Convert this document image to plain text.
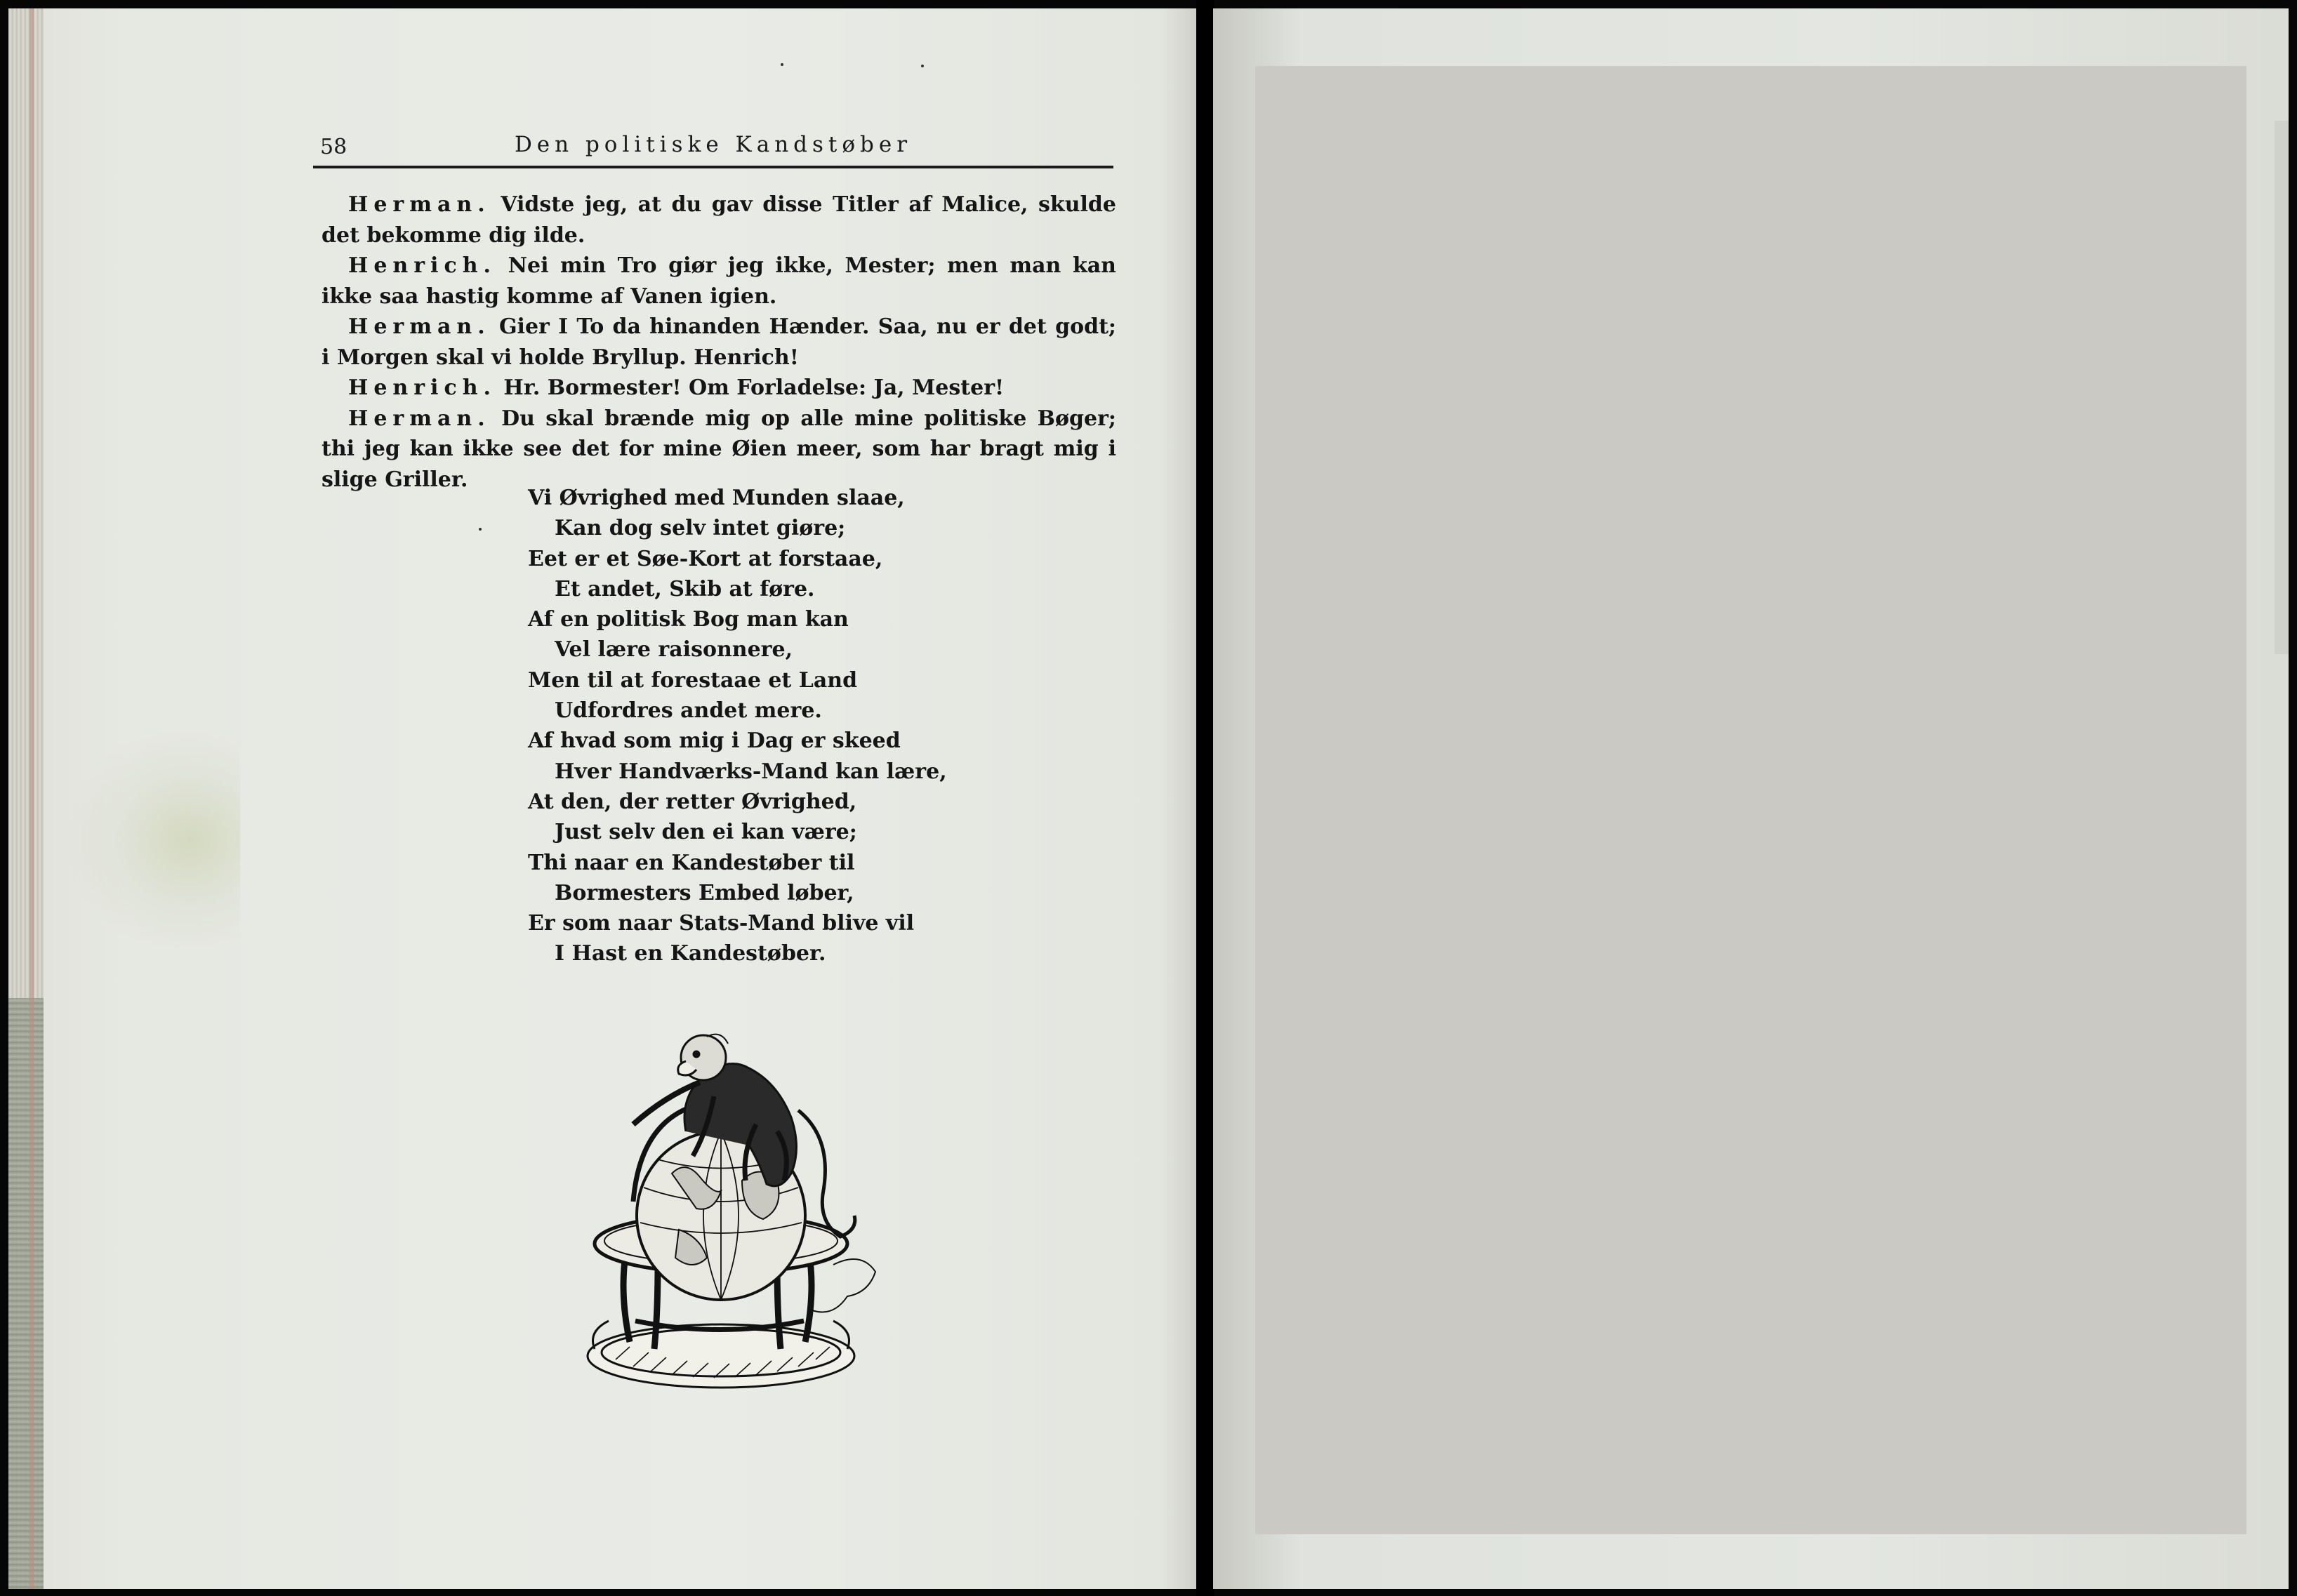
58	Den politiske Kandstøber
Herman. Vidste jeg, at du gav disse Titler af Malice, skulde det bekomme dig ilde.
Henrich. Nei min Tro giør jeg ikke, Mester; men man kan ikke saa hastig komme af Vanen igien.
Herman. Gier I To da hinanden Hænder. Saa, nu er det godt; i Morgen skal vi holde Bryllup. Henrich!
Henrich. Hr. Bormester! Om Forladelse: Ja, Mester!
Herman. Du skal brænde mig op alle mine politiske Bøger; thi jeg kan ikke see det for mine Øien meer, som har bragt mig i slige Griller.
Vi Øvrighed med Munden slaae,
Kan dog selv intet giøre;
Eet er et Søe-Kort at forstaae,
Et andet, Skib at føre.
Af en politisk Bog man kan
Vel lære raisonnere,
Men til at forestaae et Land
Udfordres andet mere.
Af hvad som mig i Dag er skeed
Hver Handværks-Mand kan lære,
At den, der retter Øvrighed,
Just selv den ei kan være;
Thi naar en Kandestøber til
Bormesters Embed løber,
Er som naar Stats-Mand blive vil
I Hast en Kandestøber.
